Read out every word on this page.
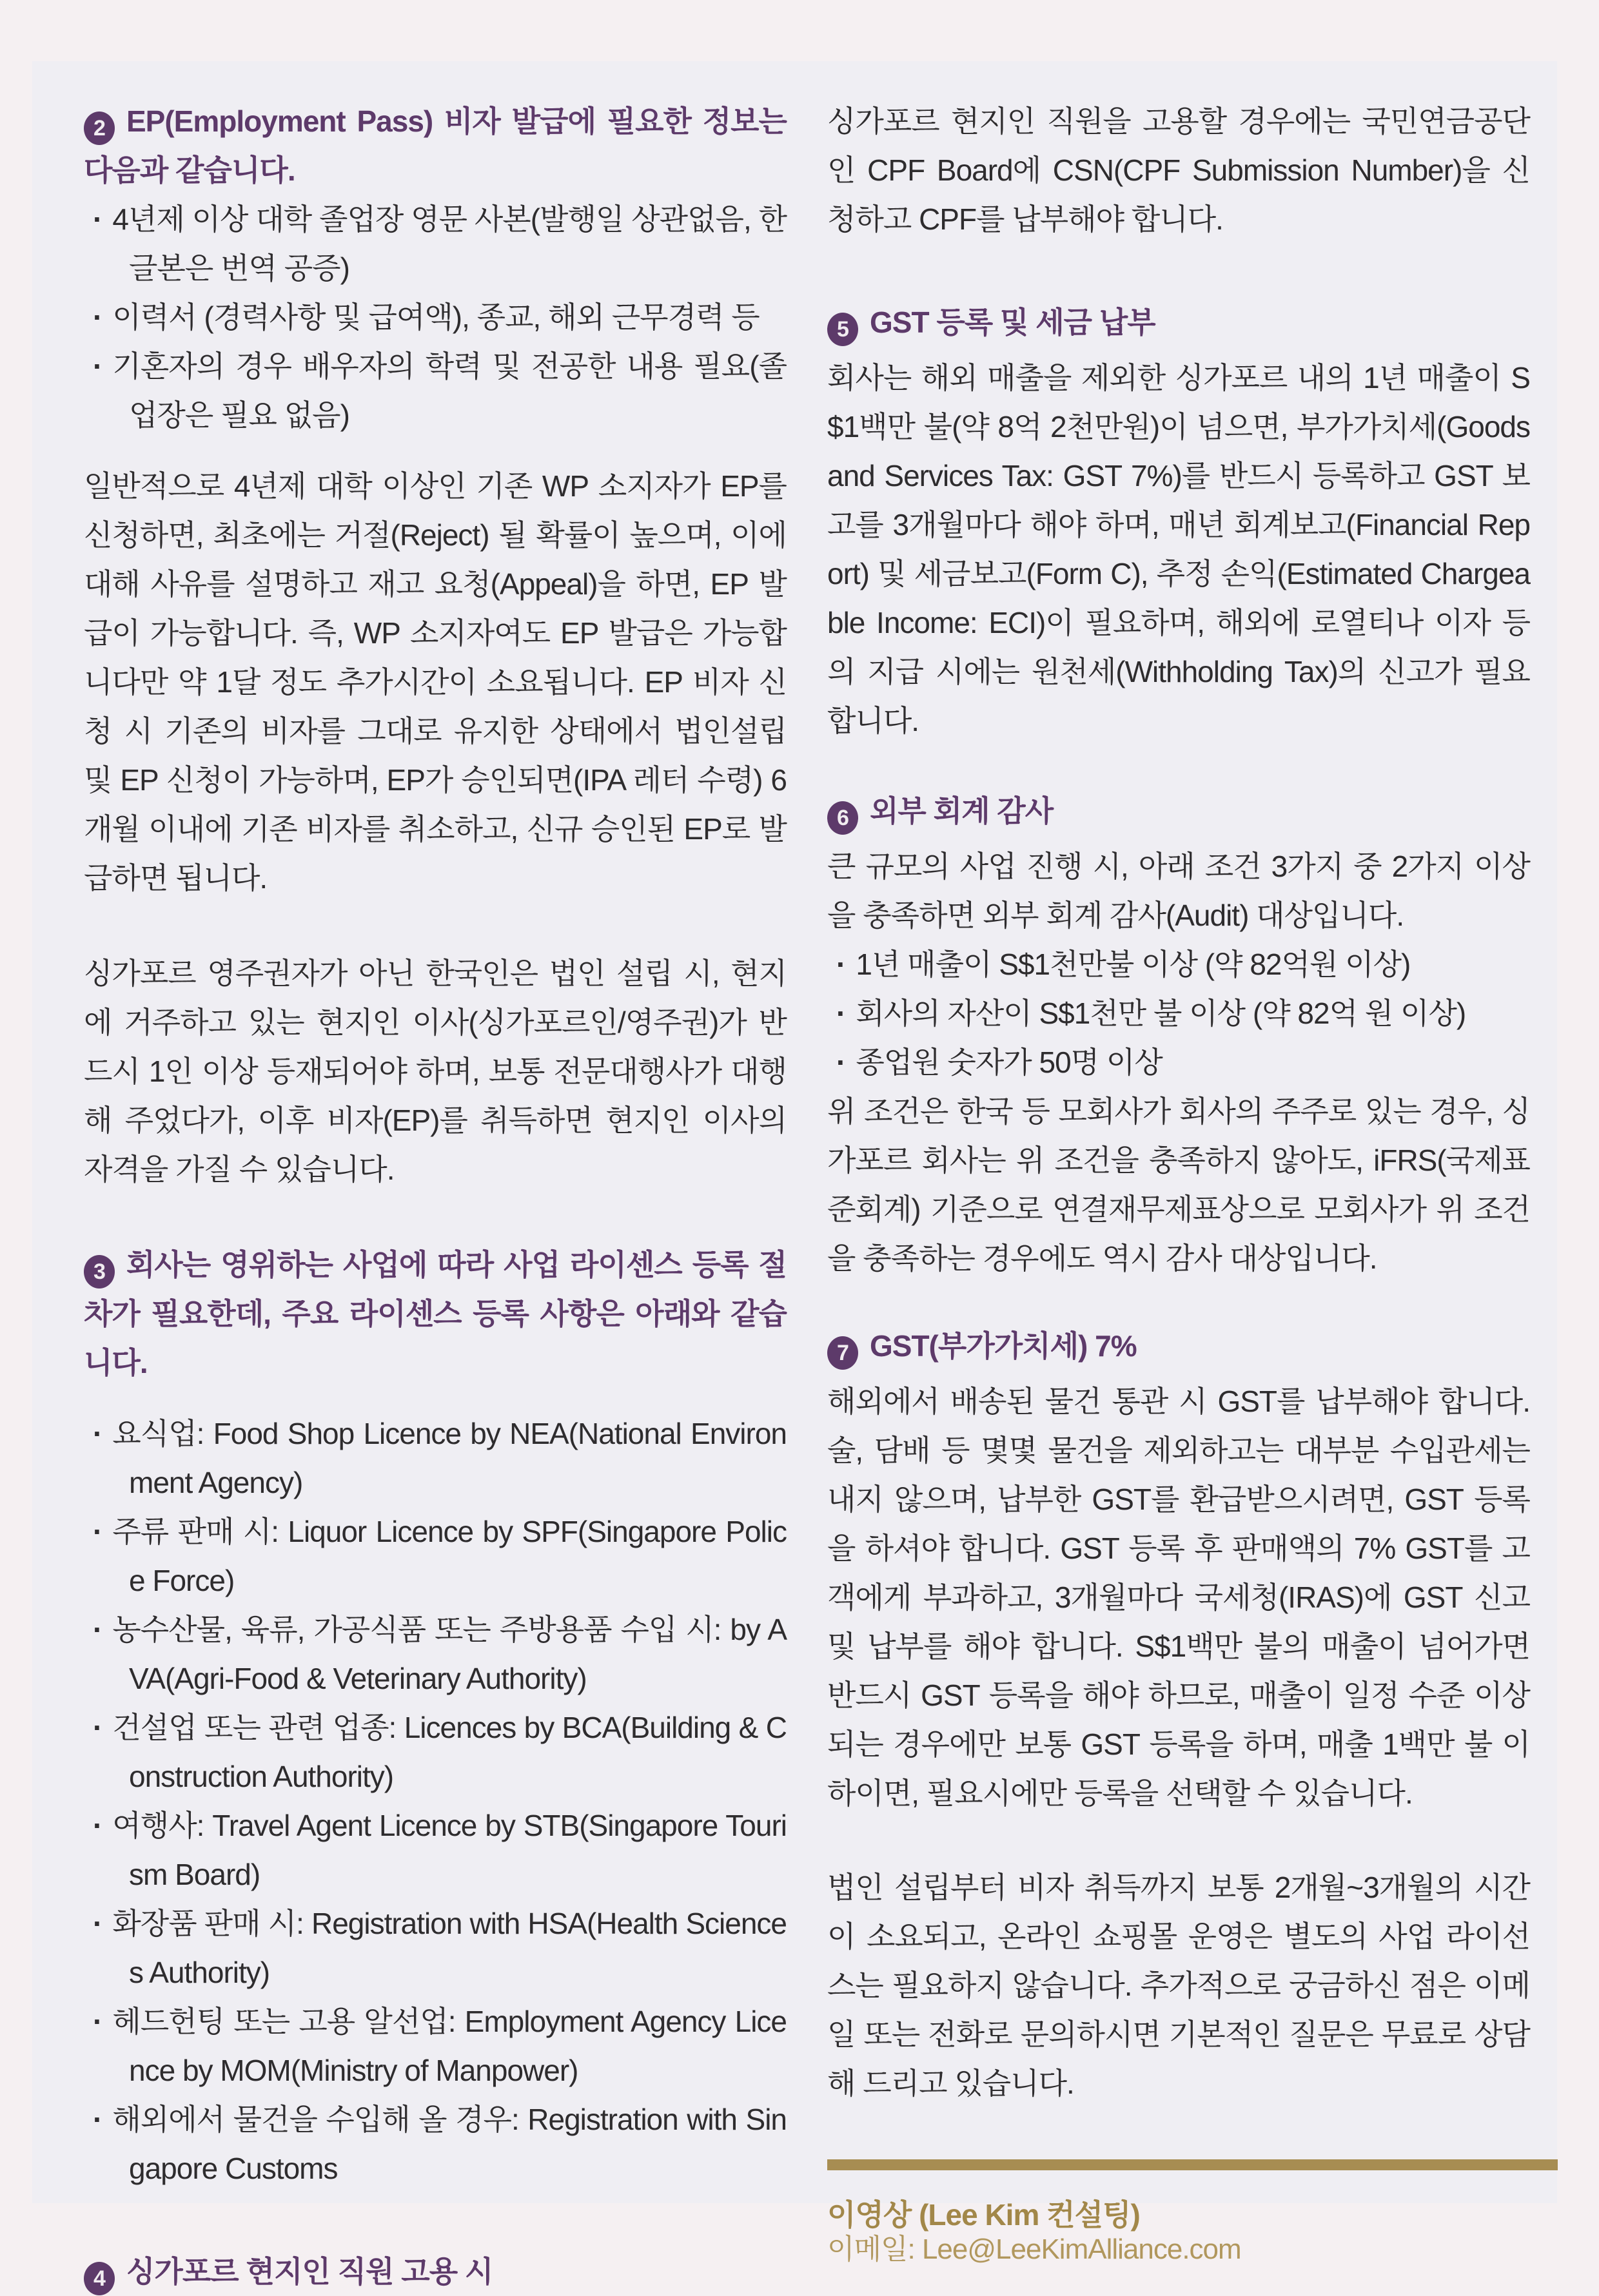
2 EP(Employment Pass) 비자 발급에 필요한 정보는 다음과 같습니다.
· 4년제 이상 대학 졸업장 영문 사본(발행일 상관없음, 한글본은 번역 공증)
· 이력서 (경력사항 및 급여액), 종교, 해외 근무경력 등
· 기혼자의 경우 배우자의 학력 및 전공한 내용 필요(졸업장은 필요 없음)
일반적으로 4년제 대학 이상인 기존 WP 소지자가 EP를 신청하면, 최초에는 거절(Reject) 될 확률이 높으며, 이에 대해 사유를 설명하고 재고 요청(Appeal)을 하면, EP 발급이 가능합니다. 즉, WP 소지자여도 EP 발급은 가능합니다만 약 1달 정도 추가시간이 소요됩니다. EP 비자 신청 시 기존의 비자를 그대로 유지한 상태에서 법인설립 및 EP 신청이 가능하며, EP가 승인되면(IPA 레터 수령) 6개월 이내에 기존 비자를 취소하고, 신규 승인된 EP로 발급하면 됩니다.
싱가포르 영주권자가 아닌 한국인은 법인 설립 시, 현지에 거주하고 있는 현지인 이사(싱가포르인/영주권)가 반드시 1인 이상 등재되어야 하며, 보통 전문대행사가 대행해 주었다가, 이후 비자(EP)를 취득하면 현지인 이사의 자격을 가질 수 있습니다.
3 회사는 영위하는 사업에 따라 사업 라이센스 등록 절차가 필요한데, 주요 라이센스 등록 사항은 아래와 같습니다.
· 요식업: Food Shop Licence by NEA(National Environment Agency)
· 주류 판매 시: Liquor Licence by SPF(Singapore Police Force)
· 농수산물, 육류, 가공식품 또는 주방용품 수입 시: by AVA(Agri-Food & Veterinary Authority)
· 건설업 또는 관련 업종: Licences by BCA(Building & Construction Authority)
· 여행사: Travel Agent Licence by STB(Singapore Tourism Board)
· 화장품 판매 시: Registration with HSA(Health Sciences Authority)
· 헤드헌팅 또는 고용 알선업: Employment Agency Licence by MOM(Ministry of Manpower)
· 해외에서 물건을 수입해 올 경우: Registration with Singapore Customs
4 싱가포르 현지인 직원 고용 시
싱가포르 현지인 직원을 고용할 경우에는 국민연금공단인 CPF Board에 CSN(CPF Submission Number)을 신청하고 CPF를 납부해야 합니다.
5 GST 등록 및 세금 납부
회사는 해외 매출을 제외한 싱가포르 내의 1년 매출이 S$1백만 불(약 8억 2천만원)이 넘으면, 부가가치세(Goods and Services Tax: GST 7%)를 반드시 등록하고 GST 보고를 3개월마다 해야 하며, 매년 회계보고(Financial Report) 및 세금보고(Form C), 추정 손익(Estimated Chargeable Income: ECI)이 필요하며, 해외에 로열티나 이자 등의 지급 시에는 원천세(Withholding Tax)의 신고가 필요합니다.
6 외부 회계 감사
큰 규모의 사업 진행 시, 아래 조건 3가지 중 2가지 이상을 충족하면 외부 회계 감사(Audit) 대상입니다.
· 1년 매출이 S$1천만불 이상 (약 82억원 이상)
· 회사의 자산이 S$1천만 불 이상 (약 82억 원 이상)
· 종업원 숫자가 50명 이상
위 조건은 한국 등 모회사가 회사의 주주로 있는 경우, 싱가포르 회사는 위 조건을 충족하지 않아도, iFRS(국제표준회계) 기준으로 연결재무제표상으로 모회사가 위 조건을 충족하는 경우에도 역시 감사 대상입니다.
7 GST(부가가치세) 7%
해외에서 배송된 물건 통관 시 GST를 납부해야 합니다. 술, 담배 등 몇몇 물건을 제외하고는 대부분 수입관세는 내지 않으며, 납부한 GST를 환급받으시려면, GST 등록을 하셔야 합니다. GST 등록 후 판매액의 7% GST를 고객에게 부과하고, 3개월마다 국세청(IRAS)에 GST 신고 및 납부를 해야 합니다. S$1백만 불의 매출이 넘어가면 반드시 GST 등록을 해야 하므로, 매출이 일정 수준 이상 되는 경우에만 보통 GST 등록을 하며, 매출 1백만 불 이하이면, 필요시에만 등록을 선택할 수 있습니다.
법인 설립부터 비자 취득까지 보통 2개월~3개월의 시간이 소요되고, 온라인 쇼핑몰 운영은 별도의 사업 라이선스는 필요하지 않습니다. 추가적으로 궁금하신 점은 이메일 또는 전화로 문의하시면 기본적인 질문은 무료로 상담해 드리고 있습니다.
이영상 (Lee Kim 컨설팅)
이메일: Lee@LeeKimAlliance.com
